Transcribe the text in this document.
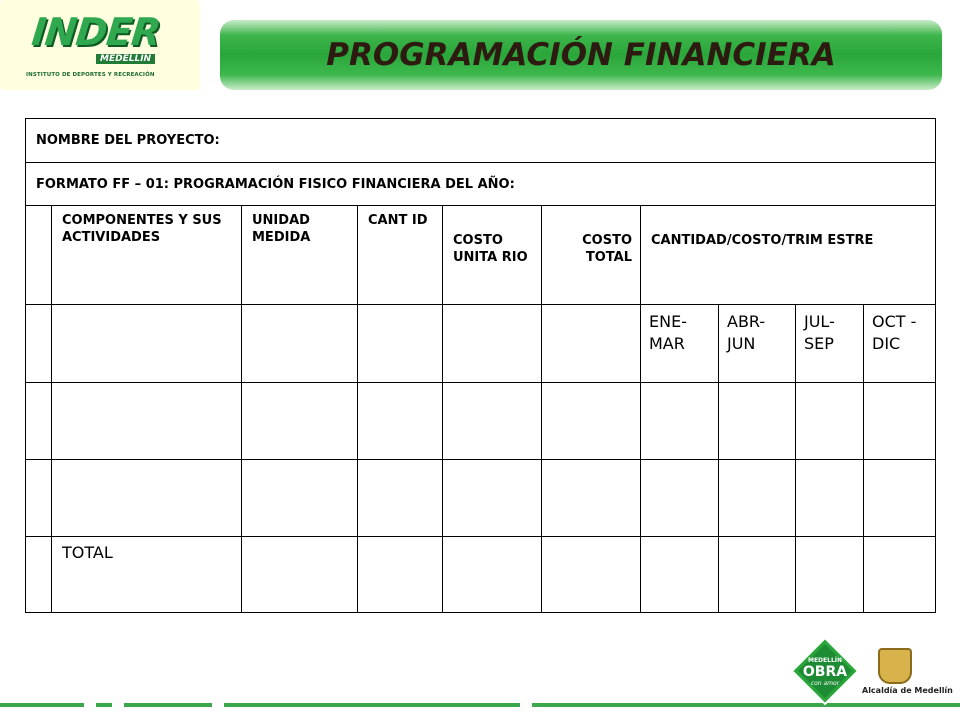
INDER
MEDELLÍN
INSTITUTO DE DEPORTES Y RECREACIÓN
PROGRAMACIÓN FINANCIERA
NOMBRE DEL PROYECTO:									
FORMATO FF – 01: PROGRAMACIÓN FISICO FINANCIERA DEL AÑO:									
	COMPONENTES Y SUS ACTIVIDADES	UNIDAD MEDIDA	CANT ID	COSTO UNITA RIO	COSTO TOTAL	CANTIDAD/COSTO/TRIM ESTRE			
						ENE-MAR	ABR-JUN	JUL-SEP	OCT -DIC

	TOTAL								
MEDELLÍN
OBRA
con amor
Alcaldía de Medellín
